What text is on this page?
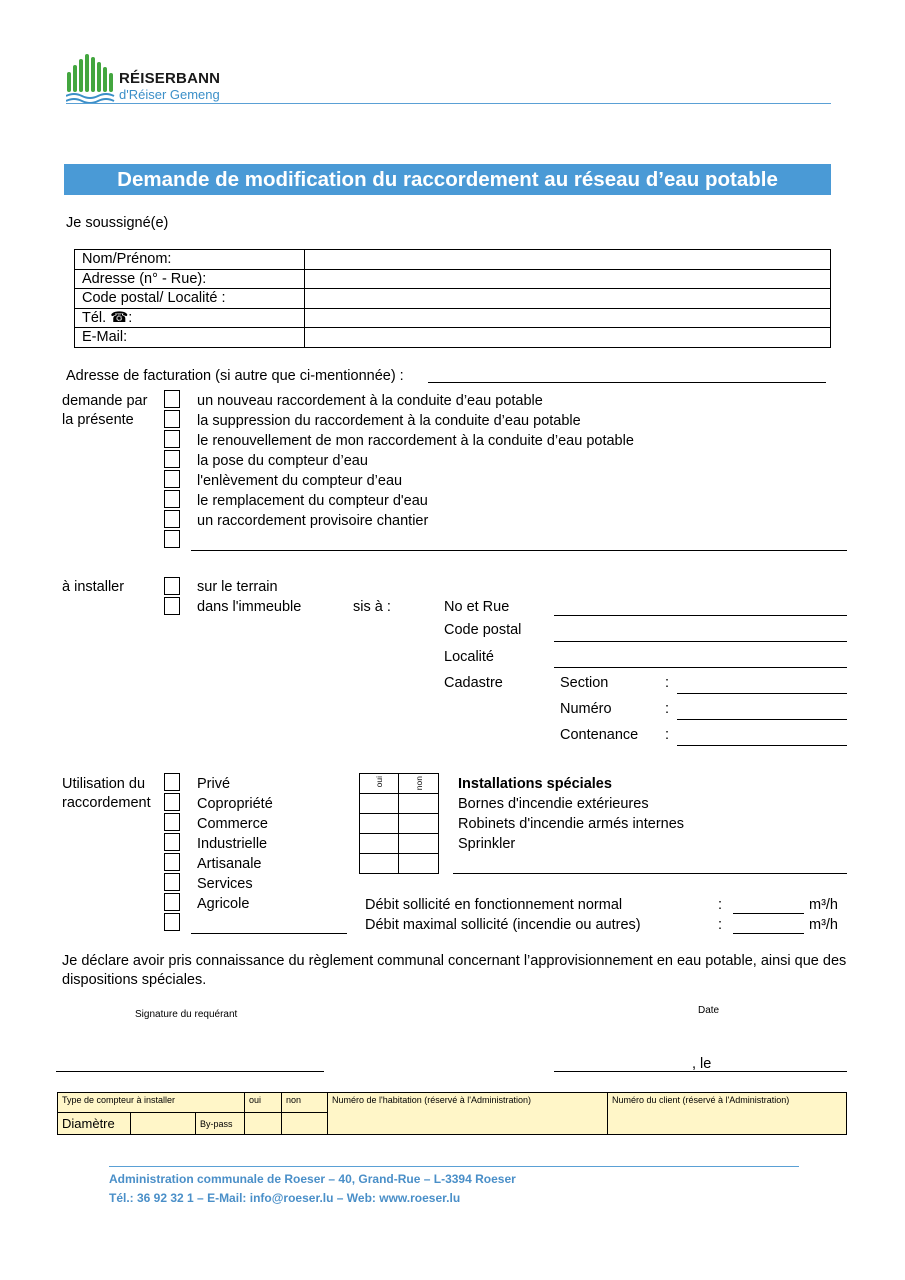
RÉISERBANN
d'Réiser Gemeng
Demande de modification du raccordement au réseau d’eau potable
Je soussigné(e)
Nom/Prénom:	
Adresse (n° - Rue):	
Code postal/ Localité :	
Tél. ☎:	
E-Mail:	
Adresse de facturation (si autre que ci-mentionnée) :
demande par
la présente
un nouveau raccordement à la conduite d’eau potable
la suppression du raccordement à la conduite d’eau potable
le renouvellement de mon raccordement à la conduite d’eau potable
la pose du compteur d’eau
l'enlèvement du compteur d’eau
le remplacement du compteur d'eau
un raccordement provisoire chantier
à installer	sur le terrain
dans l'immeuble	sis à :	No et Rue
Code postal
Localité
Cadastre	Section	:
Numéro	:
Contenance :
Utilisation du
raccordement
Privé
Copropriété
Commerce
Industrielle
Artisanale
Services
Agricole
oui	non Installations spéciales
Bornes d'incendie extérieures
Robinets d'incendie armés internes
Sprinkler
Débit sollicité en fonctionnement normal	:	m³/h
Débit maximal sollicité (incendie ou autres)	:	m³/h
Je déclare avoir pris connaissance du règlement communal concernant l’approvisionnement en eau potable, ainsi que des dispositions spéciales.
Signature du requérant	Date
, le
Type de compteur à installer			oui	non	Numéro de l'habitation (réservé à l'Administration)	Numéro du client (réservé à l'Administration)
Diamètre		By-pass				
Administration communale de Roeser – 40, Grand-Rue – L-3394 Roeser
Tél.: 36 92 32 1 – E-Mail: info@roeser.lu – Web: www.roeser.lu
